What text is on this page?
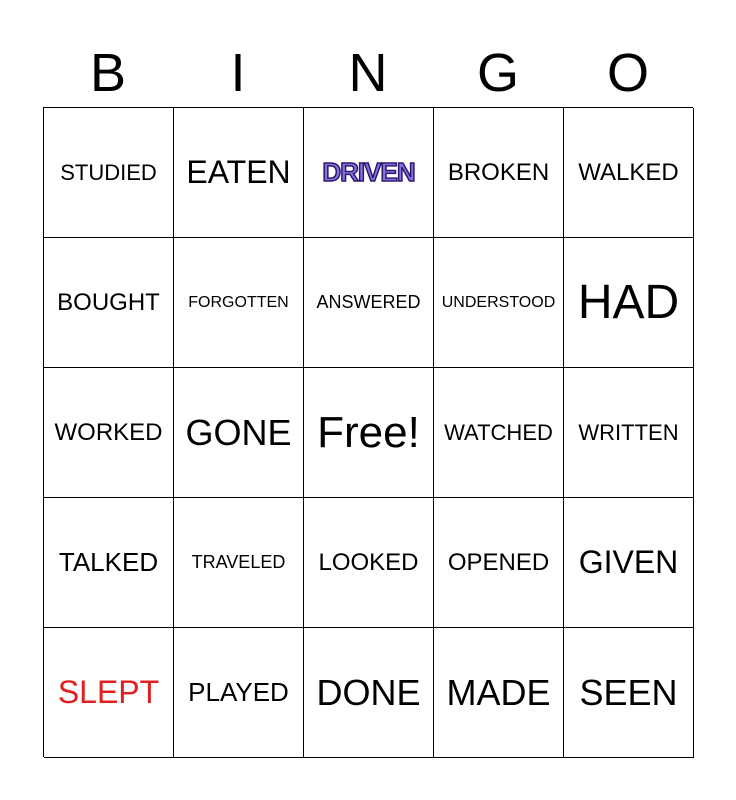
B	I	N	G	O
STUDIED EATEN DRIVEN BROKEN WALKED
BOUGHT FORGOTTEN ANSWERED UNDERSTOOD HAD
WORKED GONE Free! WATCHED WRITTEN
TALKED TRAVELED LOOKED OPENED GIVEN
SLEPT PLAYED DONE MADE SEEN
